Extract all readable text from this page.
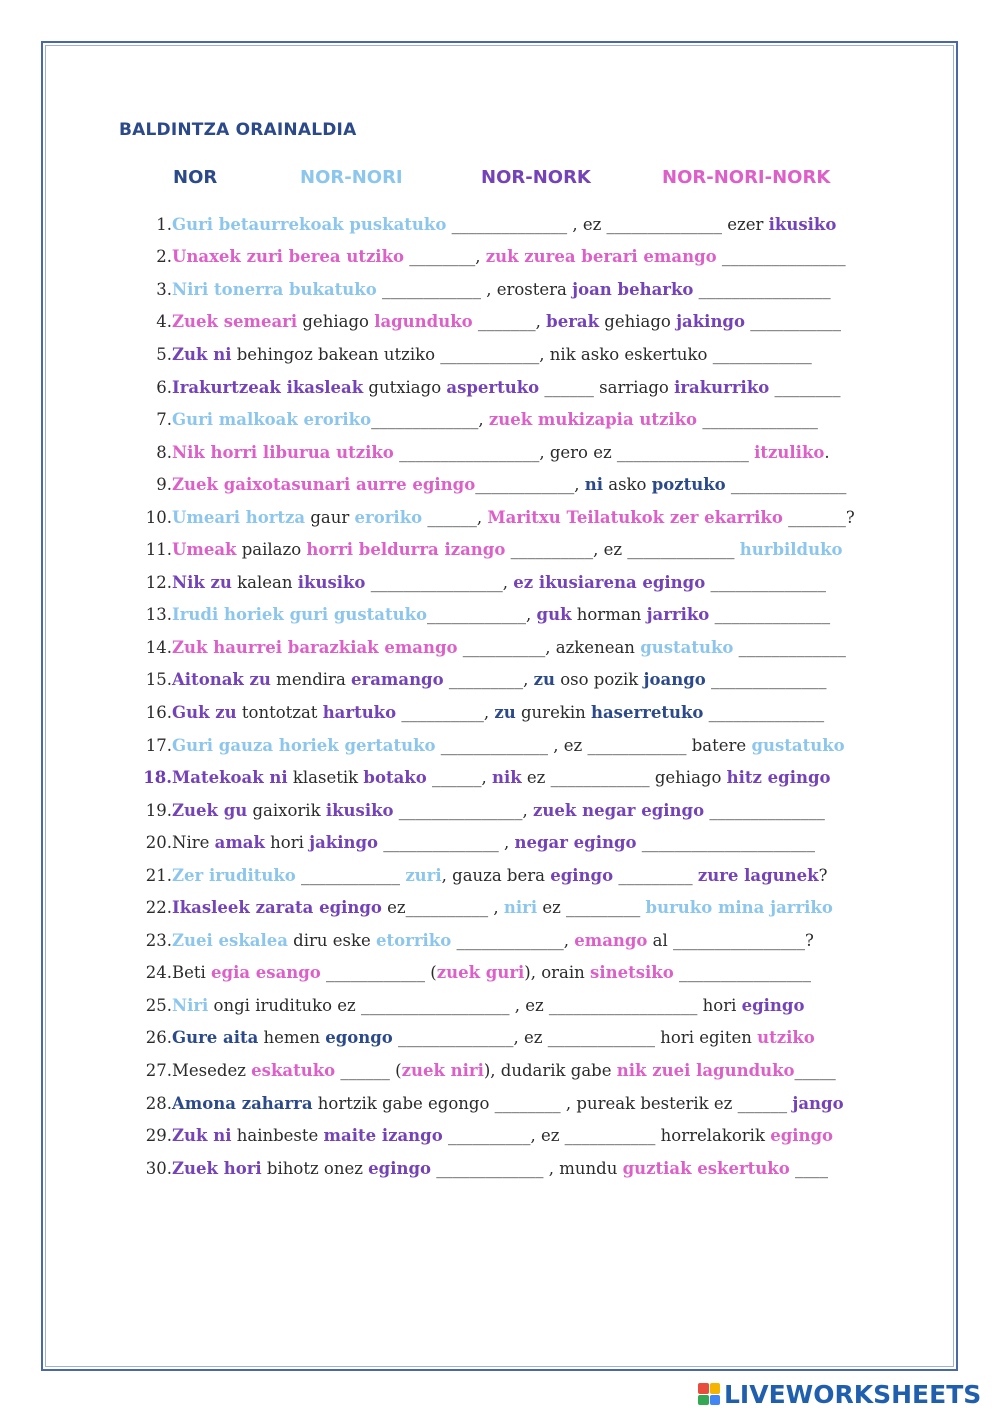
BALDINTZA ORAINALDIA
NOR	NOR-NORI	NOR-NORK	NOR-NORI-NORK
1. Guri betaurrekoak puskatuko ______________ , ez ______________ ezer ikusiko
2. Unaxek zuri berea utziko ________, zuk zurea berari emango _______________
3. Niri tonerra bukatuko ____________ , erostera joan beharko ________________
4. Zuek semeari gehiago lagunduko _______, berak gehiago jakingo ___________
5. Zuk ni behingoz bakean utziko ____________, nik asko eskertuko ____________
6. Irakurtzeak ikasleak gutxiago aspertuko ______ sarriago irakurriko ________
7. Guri malkoak eroriko_____________, zuek mukizapia utziko ______________
8. Nik horri liburua utziko _________________, gero ez ________________ itzuliko.
9. Zuek gaixotasunari aurre egingo____________, ni asko poztuko ______________
10. Umeari hortza gaur eroriko ______, Maritxu Teilatukok zer ekarriko _______?
11. Umeak pailazo horri beldurra izango __________, ez _____________ hurbilduko
12. Nik zu kalean ikusiko ________________, ez ikusiarena egingo ______________
13. Irudi horiek guri gustatuko____________, guk horman jarriko ______________
14. Zuk haurrei barazkiak emango __________, azkenean gustatuko _____________
15. Aitonak zu mendira eramango _________, zu oso pozik joango ______________
16. Guk zu tontotzat hartuko __________, zu gurekin haserretuko ______________
17. Guri gauza horiek gertatuko _____________ , ez ____________ batere gustatuko
18. Matekoak ni klasetik botako ______, nik ez ____________ gehiago hitz egingo
19. Zuek gu gaixorik ikusiko _______________, zuek negar egingo ______________
20. Nire amak hori jakingo ______________ , negar egingo _____________________
21. Zer irudituko ____________ zuri, gauza bera egingo _________ zure lagunek?
22. Ikasleek zarata egingo ez__________ , niri ez _________ buruko mina jarriko
23. Zuei eskalea diru eske etorriko _____________, emango al ________________?
24. Beti egia esango ____________ (zuek guri), orain sinetsiko ________________
25. Niri ongi irudituko ez __________________ , ez __________________ hori egingo
26. Gure aita hemen egongo ______________, ez _____________ hori egiten utziko
27. Mesedez eskatuko ______ (zuek niri), dudarik gabe nik zuei lagunduko_____
28. Amona zaharra hortzik gabe egongo ________ , pureak besterik ez ______ jango
29. Zuk ni hainbeste maite izango __________, ez ___________ horrelakorik egingo
30. Zuek hori bihotz onez egingo _____________ , mundu guztiak eskertuko ____
LIVEWORKSHEETS
